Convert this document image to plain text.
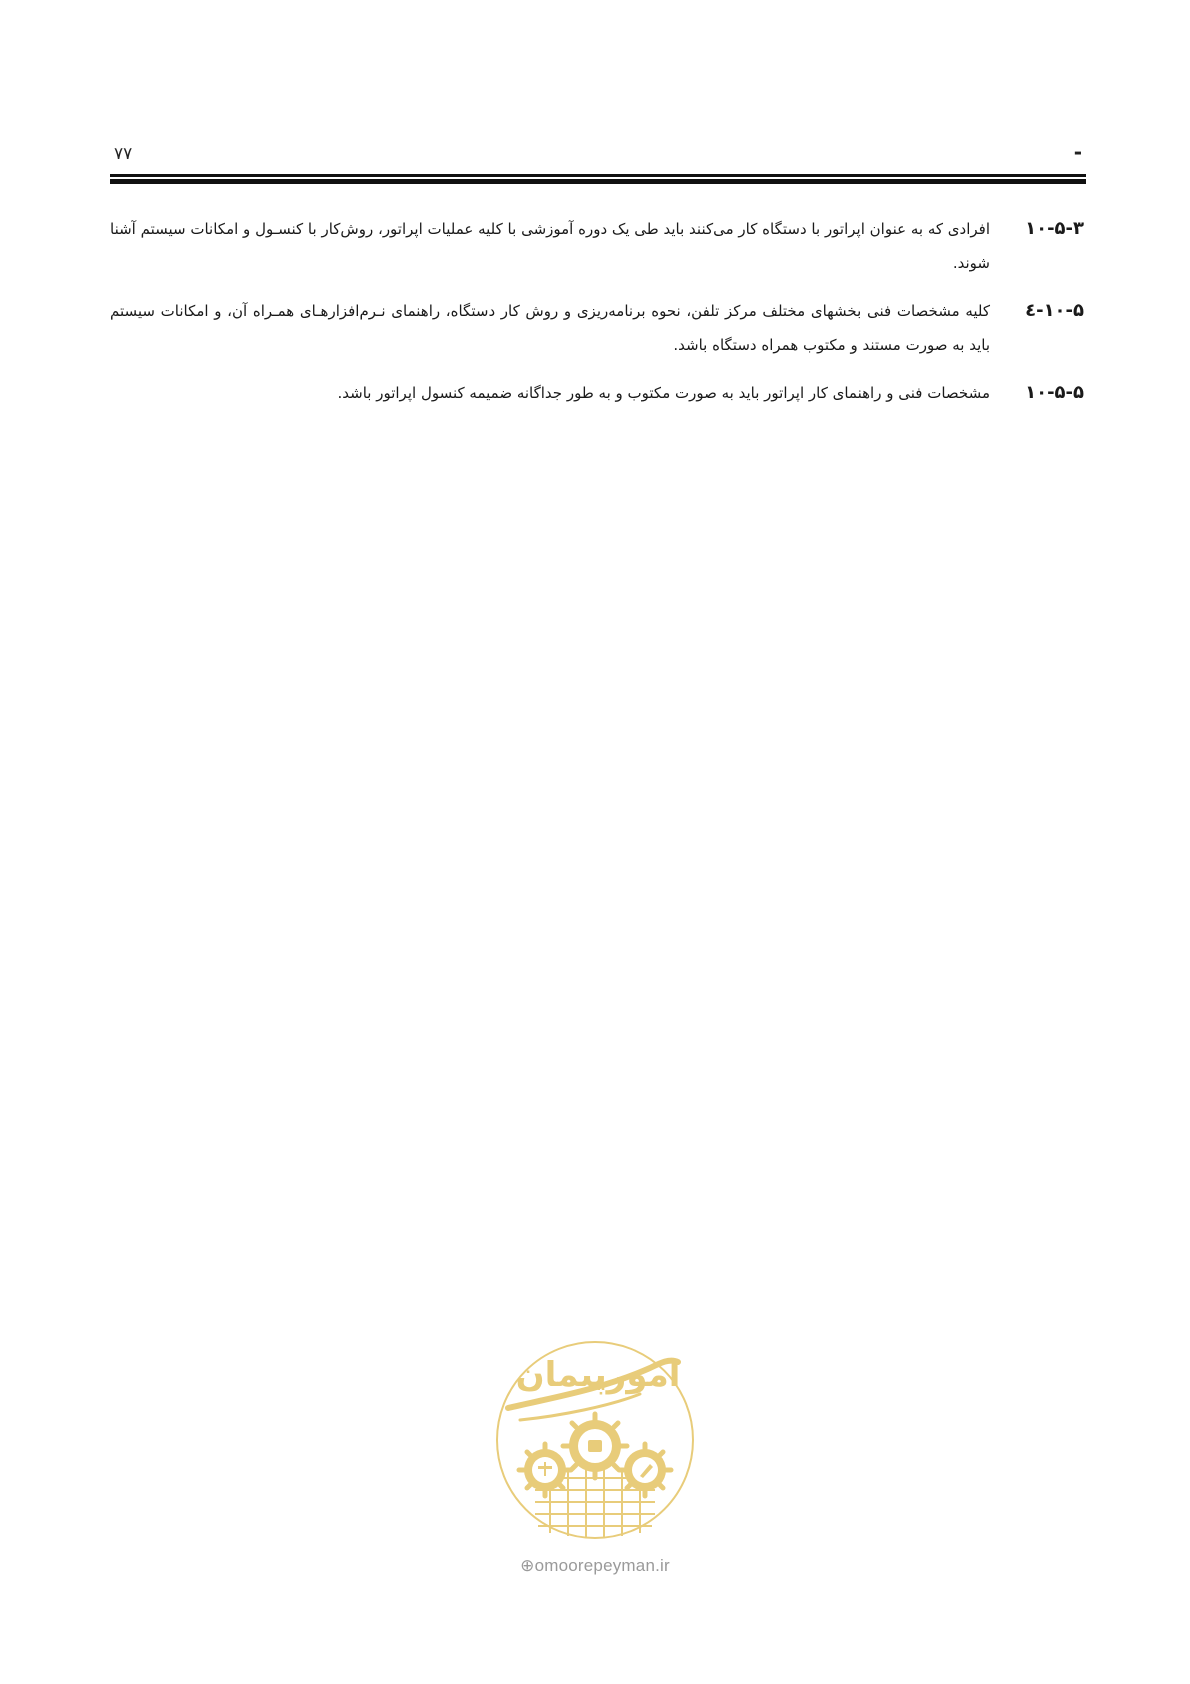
۷۷	-
۱۰-۵-۳
افرادی که به عنوان اپراتور با دستگاه کار می‌کنند باید طی یک دوره آموزشی با کلیه عملیات اپراتور، روش‌کار با کنسـول و امکانات سیستم آشنا شوند.
۱۰-۵-٤
کلیه مشخصات فنی بخشهای مختلف مرکز تلفن، نحوه برنامه‌ریزی و روش کار دستگاه، راهنمای نـرم‌افزارهـای همـراه آن، و امکانات سیستم باید به صورت مستند و مکتوب همراه دستگاه باشد.
۱۰-۵-۵
مشخصات فنی و راهنمای کار اپراتور باید به صورت مکتوب و به طور جداگانه ضمیمه کنسول اپراتور باشد.
امورپیمان
⊕omoorepeyman.ir
